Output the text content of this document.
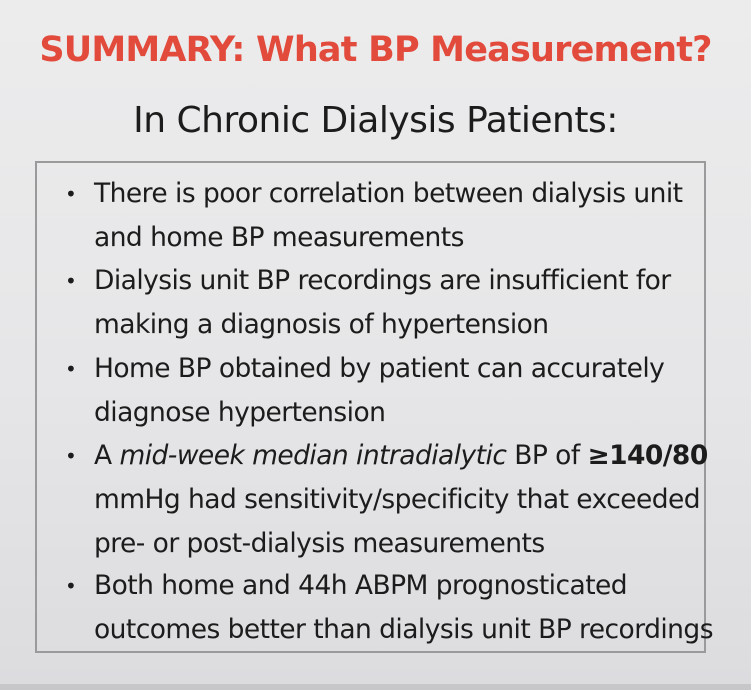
SUMMARY: What BP Measurement?
In Chronic Dialysis Patients:
• There is poor correlation between dialysis unit
and home BP measurements
• Dialysis unit BP recordings are insufficient for
making a diagnosis of hypertension
• Home BP obtained by patient can accurately
diagnose hypertension
• A mid-week median intradialytic BP of ≥140/80
mmHg had sensitivity/specificity that exceeded
pre- or post-dialysis measurements
• Both home and 44h ABPM prognosticated
outcomes better than dialysis unit BP recordings
